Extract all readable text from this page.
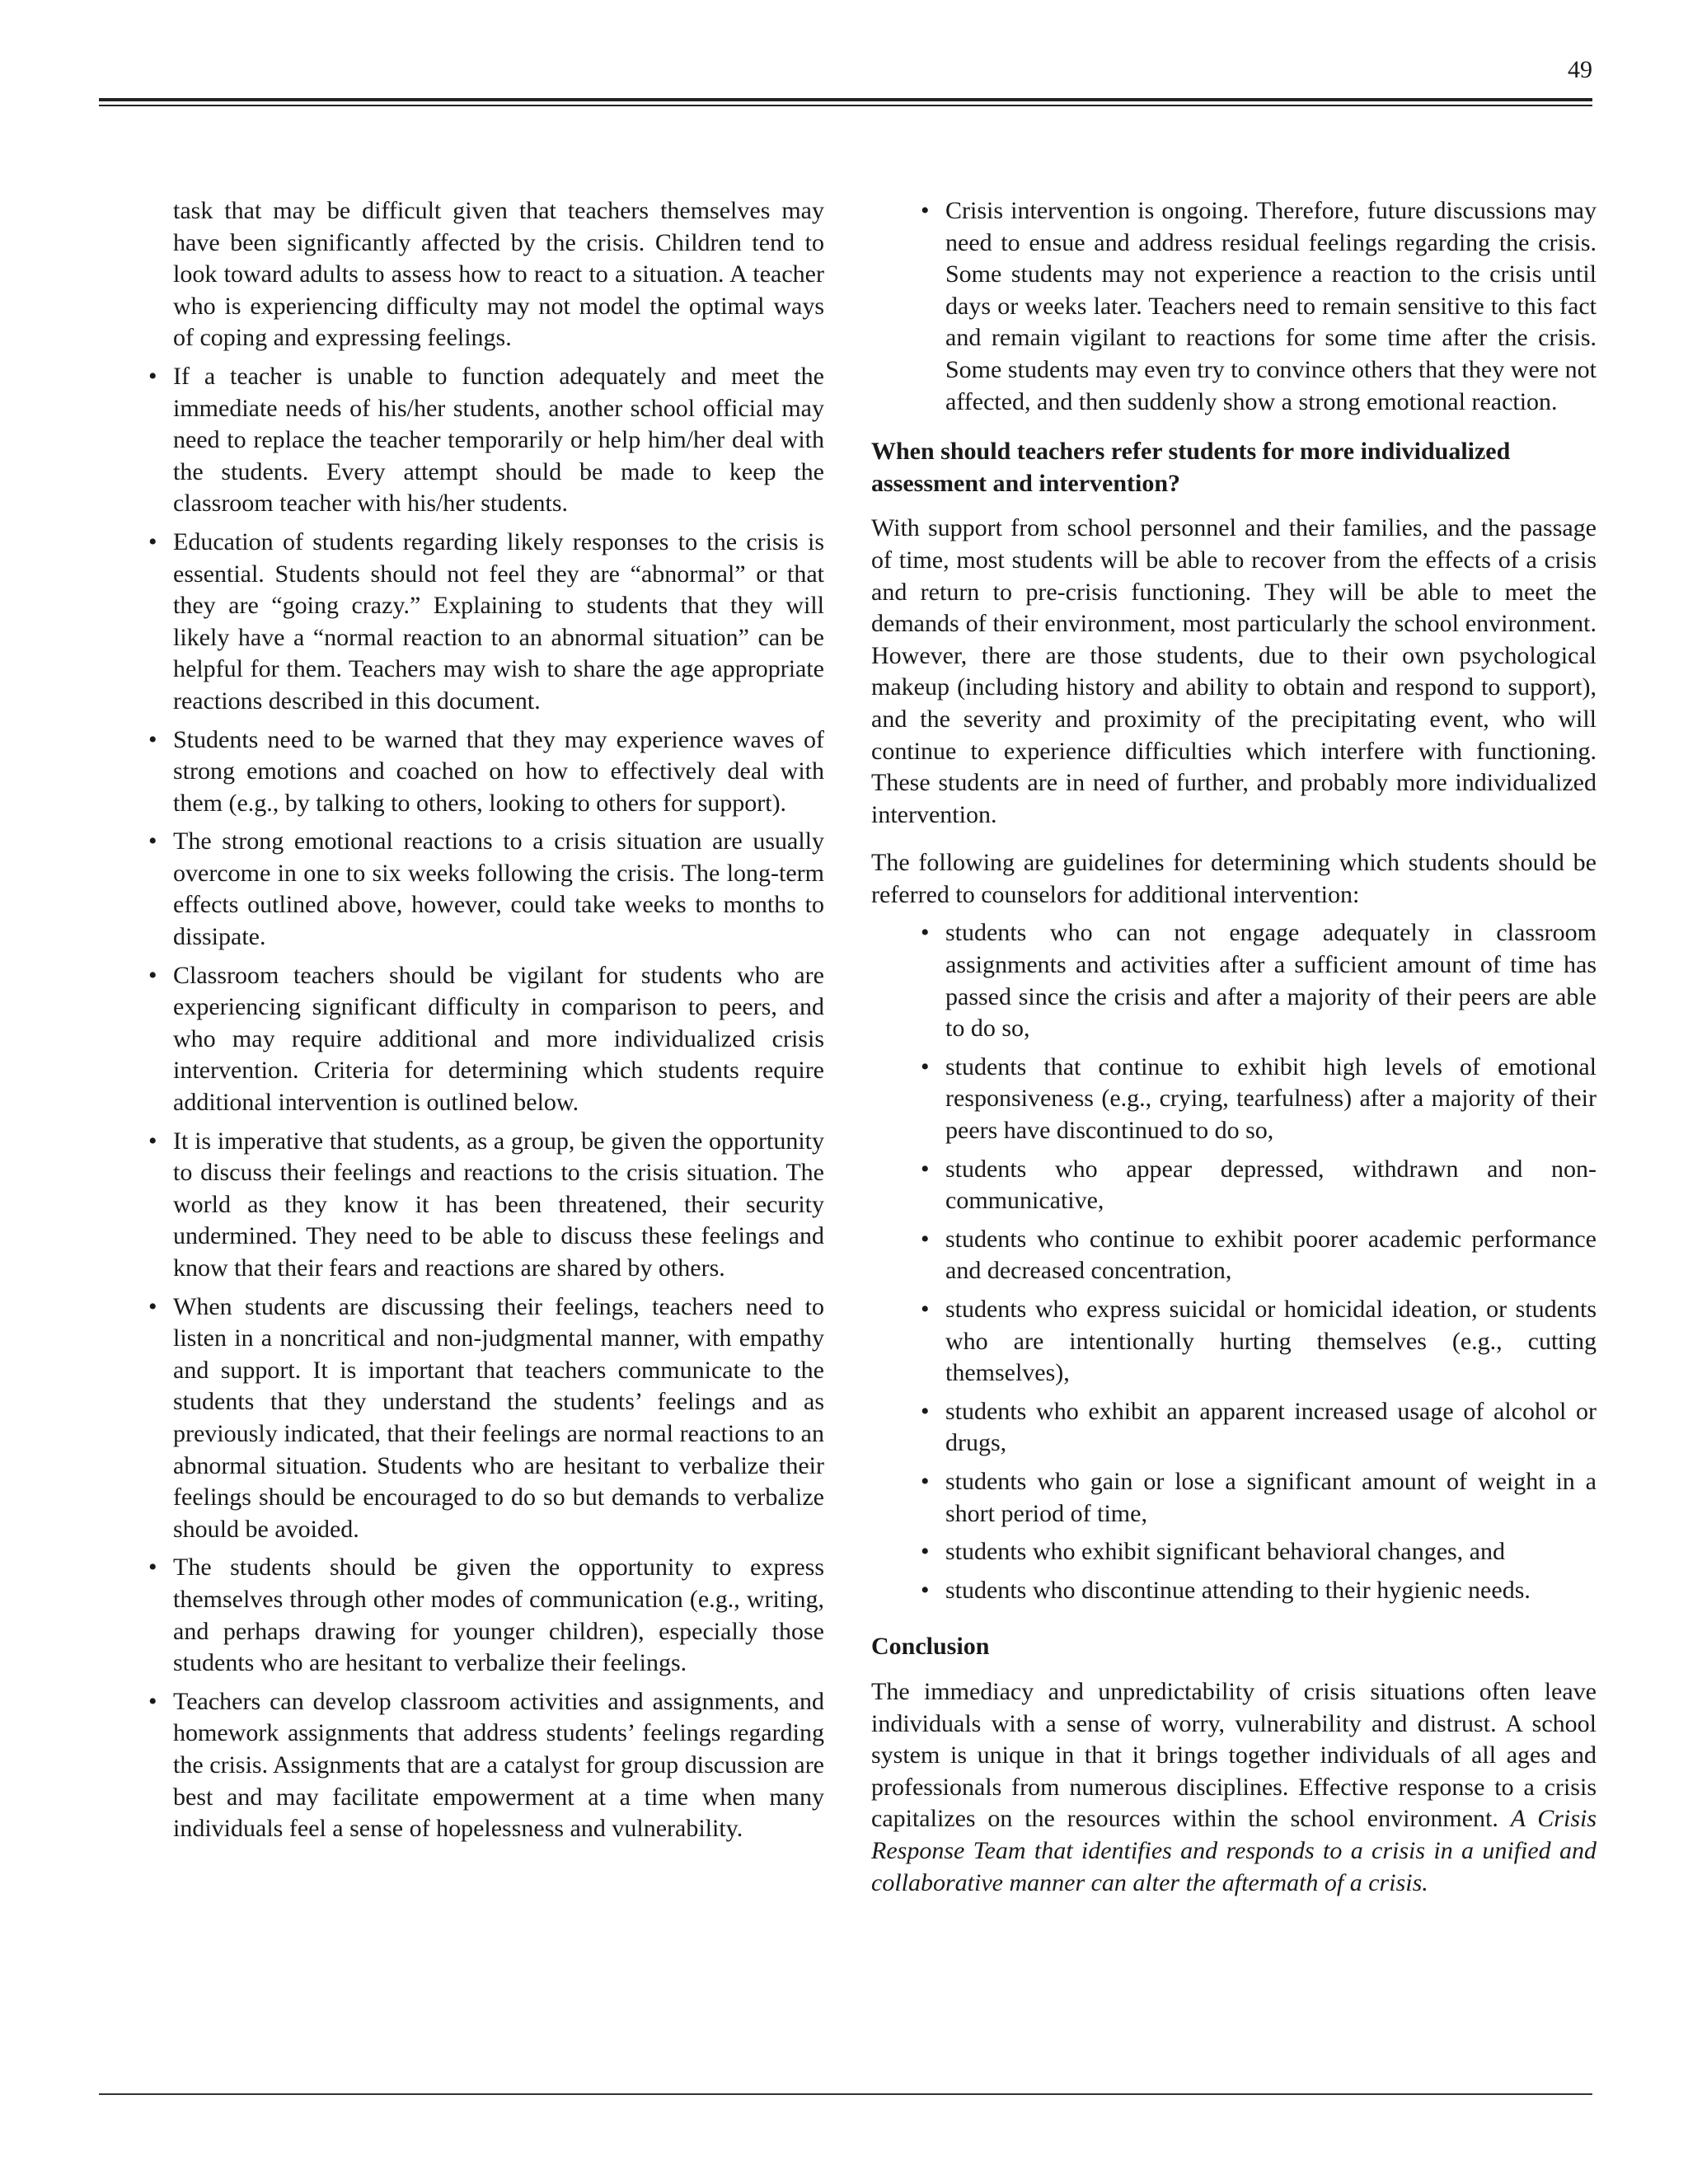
49

task that may be difficult given that teachers themselves may have been significantly affected by the crisis. Children tend to look toward adults to assess how to react to a situation. A teacher who is experiencing difficulty may not model the optimal ways of coping and expressing feelings.

• If a teacher is unable to function adequately and meet the immediate needs of his/her students, another school official may need to replace the teacher temporarily or help him/her deal with the students. Every attempt should be made to keep the classroom teacher with his/her students.
• Education of students regarding likely responses to the crisis is essential. Students should not feel they are “abnormal” or that they are “going crazy.” Explaining to students that they will likely have a “normal reaction to an abnormal situation” can be helpful for them. Teachers may wish to share the age appropriate reactions described in this document.
• Students need to be warned that they may experience waves of strong emotions and coached on how to effectively deal with them (e.g., by talking to others, looking to others for support).
• The strong emotional reactions to a crisis situation are usually overcome in one to six weeks following the crisis. The long-term effects outlined above, however, could take weeks to months to dissipate.
• Classroom teachers should be vigilant for students who are experiencing significant difficulty in comparison to peers, and who may require additional and more individualized crisis intervention. Criteria for determining which students require additional intervention is outlined below.
• It is imperative that students, as a group, be given the opportunity to discuss their feelings and reactions to the crisis situation. The world as they know it has been threatened, their security undermined. They need to be able to discuss these feelings and know that their fears and reactions are shared by others.
• When students are discussing their feelings, teachers need to listen in a noncritical and non-judgmental manner, with empathy and support. It is important that teachers communicate to the students that they understand the students’ feelings and as previously indicated, that their feelings are normal reactions to an abnormal situation. Students who are hesitant to verbalize their feelings should be encouraged to do so but demands to verbalize should be avoided.
• The students should be given the opportunity to express themselves through other modes of communication (e.g., writing, and perhaps drawing for younger children), especially those students who are hesitant to verbalize their feelings.
• Teachers can develop classroom activities and assignments, and homework assignments that address students’ feelings regarding the crisis. Assignments that are a catalyst for group discussion are best and may facilitate empowerment at a time when many individuals feel a sense of hopelessness and vulnerability.
• Crisis intervention is ongoing. Therefore, future discussions may need to ensue and address residual feelings regarding the crisis. Some students may not experience a reaction to the crisis until days or weeks later. Teachers need to remain sensitive to this fact and remain vigilant to reactions for some time after the crisis. Some students may even try to convince others that they were not affected, and then suddenly show a strong emotional reaction.
When should teachers refer students for more individualized assessment and intervention?

With support from school personnel and their families, and the passage of time, most students will be able to recover from the effects of a crisis and return to pre-crisis functioning. They will be able to meet the demands of their environment, most particularly the school environment. However, there are those students, due to their own psychological makeup (including history and ability to obtain and respond to support), and the severity and proximity of the precipitating event, who will continue to experience difficulties which interfere with functioning. These students are in need of further, and probably more individualized intervention.

The following are guidelines for determining which students should be referred to counselors for additional intervention:

• students who can not engage adequately in classroom assignments and activities after a sufficient amount of time has passed since the crisis and after a majority of their peers are able to do so,
• students that continue to exhibit high levels of emotional responsiveness (e.g., crying, tearfulness) after a majority of their peers have discontinued to do so,
• students who appear depressed, withdrawn and non-communicative,
• students who continue to exhibit poorer academic performance and decreased concentration,
• students who express suicidal or homicidal ideation, or students who are intentionally hurting themselves (e.g., cutting themselves),
• students who exhibit an apparent increased usage of alcohol or drugs,
• students who gain or lose a significant amount of weight in a short period of time,
• students who exhibit significant behavioral changes, and
• students who discontinue attending to their hygienic needs.
Conclusion

The immediacy and unpredictability of crisis situations often leave individuals with a sense of worry, vulnerability and distrust. A school system is unique in that it brings together individuals of all ages and professionals from numerous disciplines. Effective response to a crisis capitalizes on the resources within the school environment. A Crisis Response Team that identifies and responds to a crisis in a unified and collaborative manner can alter the aftermath of a crisis.
